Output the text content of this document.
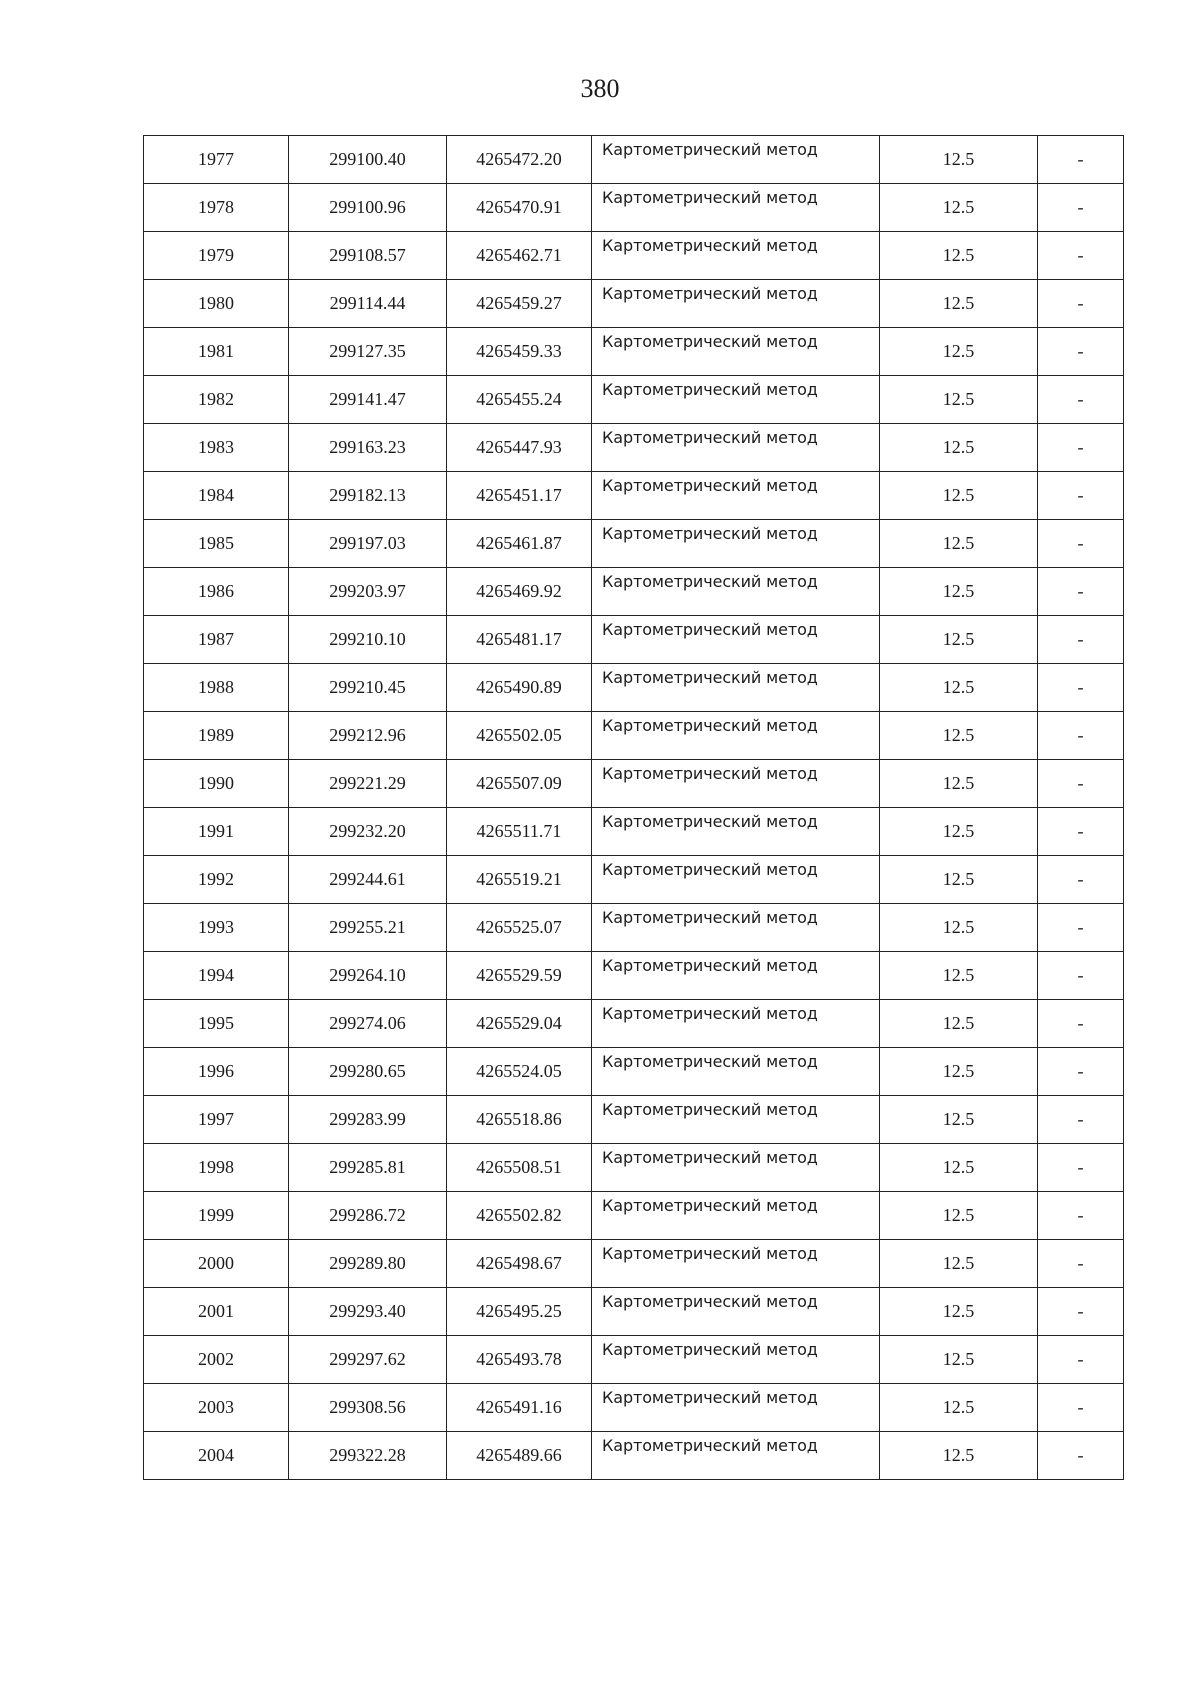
380
1977	299100.40	4265472.20	Картометрический метод	12.5	-
1978	299100.96	4265470.91	Картометрический метод	12.5	-
1979	299108.57	4265462.71	Картометрический метод	12.5	-
1980	299114.44	4265459.27	Картометрический метод	12.5	-
1981	299127.35	4265459.33	Картометрический метод	12.5	-
1982	299141.47	4265455.24	Картометрический метод	12.5	-
1983	299163.23	4265447.93	Картометрический метод	12.5	-
1984	299182.13	4265451.17	Картометрический метод	12.5	-
1985	299197.03	4265461.87	Картометрический метод	12.5	-
1986	299203.97	4265469.92	Картометрический метод	12.5	-
1987	299210.10	4265481.17	Картометрический метод	12.5	-
1988	299210.45	4265490.89	Картометрический метод	12.5	-
1989	299212.96	4265502.05	Картометрический метод	12.5	-
1990	299221.29	4265507.09	Картометрический метод	12.5	-
1991	299232.20	4265511.71	Картометрический метод	12.5	-
1992	299244.61	4265519.21	Картометрический метод	12.5	-
1993	299255.21	4265525.07	Картометрический метод	12.5	-
1994	299264.10	4265529.59	Картометрический метод	12.5	-
1995	299274.06	4265529.04	Картометрический метод	12.5	-
1996	299280.65	4265524.05	Картометрический метод	12.5	-
1997	299283.99	4265518.86	Картометрический метод	12.5	-
1998	299285.81	4265508.51	Картометрический метод	12.5	-
1999	299286.72	4265502.82	Картометрический метод	12.5	-
2000	299289.80	4265498.67	Картометрический метод	12.5	-
2001	299293.40	4265495.25	Картометрический метод	12.5	-
2002	299297.62	4265493.78	Картометрический метод	12.5	-
2003	299308.56	4265491.16	Картометрический метод	12.5	-
2004	299322.28	4265489.66	Картометрический метод	12.5	-
